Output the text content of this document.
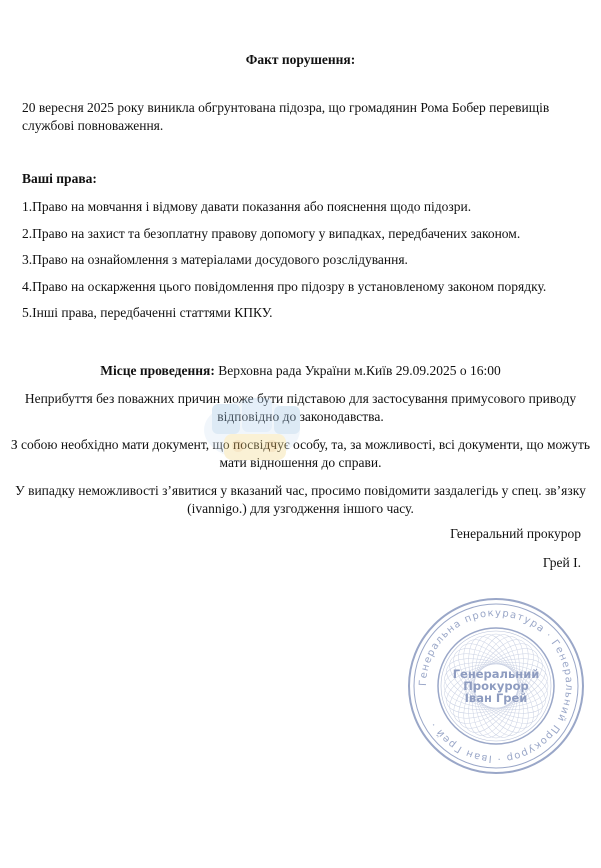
Факт порушення:
20 вересня 2025 року виникла обгрунтована підозра, що громадянин Рома Бобер перевищів службові повноваження.
Ваші права:
1.Право на мовчання і відмову давати показання або пояснення щодо підозри.
2.Право на захист та безоплатну правову допомогу у випадках, передбачених законом.
3.Право на ознайомлення з матеріалами досудового розслідування.
4.Право на оскарження цього повідомлення про підозру в установленому законом порядку.
5.Інші права, передбаченні статтями КПКУ.
Місце проведення: Верховна рада України м.Київ 29.09.2025 о 16:00
Неприбуття без поважних причин може бути підставою для застосування примусового приводу відповідно до законодавства.
З собою необхідно мати документ, що посвідчує особу, та, за можливості, всі документи, що можуть мати відношення до справи.
У випадку неможливості з’явитися у вказаний час, просимо повідомити заздалегідь у спец. зв’язку (ivannigo.) для узгодження іншого часу.
Генеральний прокурор
Грей І.
Генеральна прокуратура · Генеральний Прокурор · Іван Грей ·
Генеральний
Прокурор
Іван Грей
